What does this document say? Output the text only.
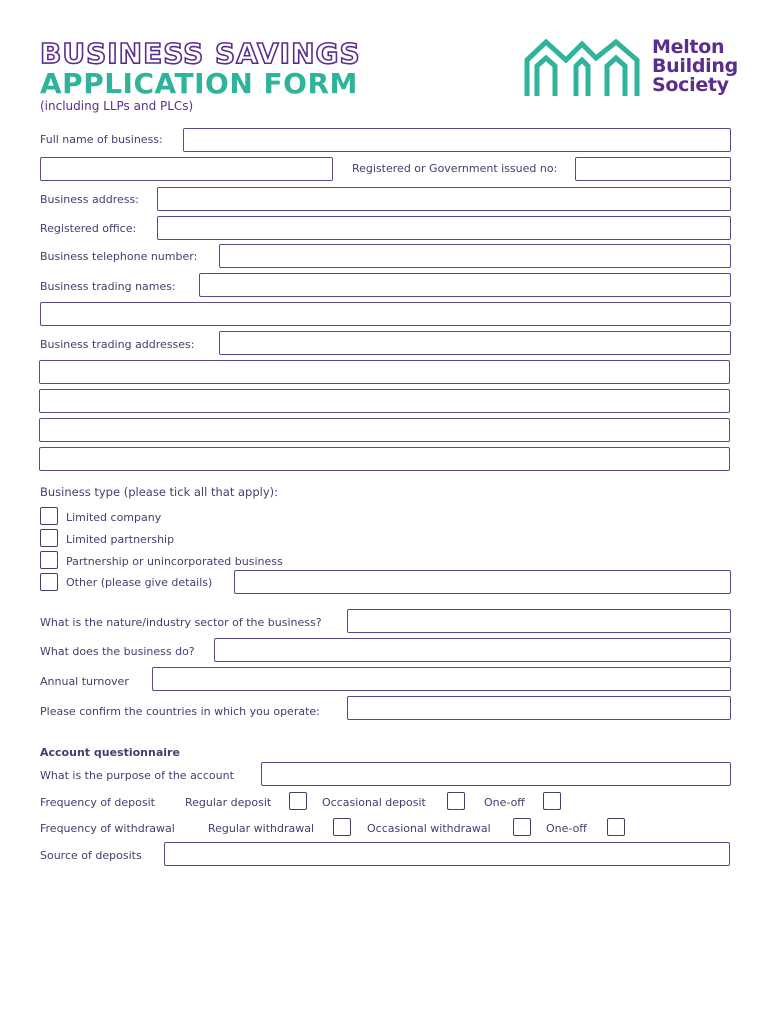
BUSINESS SAVINGS
APPLICATION FORM
(including LLPs and PLCs)
Melton
Building
Society
Full name of business:
Registered or Government issued no:
Business address:
Registered office:
Business telephone number:
Business trading names:
Business trading addresses:
Business type (please tick all that apply):
Limited company
Limited partnership
Partnership or unincorporated business
Other (please give details)
What is the nature/industry sector of the business?
What does the business do?
Annual turnover
Please confirm the countries in which you operate:
Account questionnaire
What is the purpose of the account
Frequency of deposit	Regular deposit	Occasional deposit	One-off
Frequency of withdrawal	Regular withdrawal	Occasional withdrawal	One-off
Source of deposits
